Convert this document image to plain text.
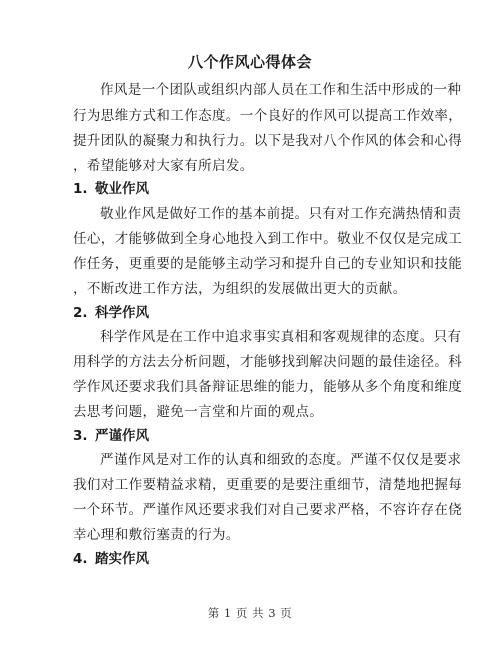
八个作风心得体会
作风是一个团队或组织内部人员在工作和生活中形成的一种
行为思维方式和工作态度。一个良好的作风可以提高工作效率，
提升团队的凝聚力和执行力。以下是我对八个作风的体会和心得
，希望能够对大家有所启发。
1. 敬业作风
敬业作风是做好工作的基本前提。只有对工作充满热情和责
任心，才能够做到全身心地投入到工作中。敬业不仅仅是完成工
作任务，更重要的是能够主动学习和提升自己的专业知识和技能
，不断改进工作方法，为组织的发展做出更大的贡献。
2. 科学作风
科学作风是在工作中追求事实真相和客观规律的态度。只有
用科学的方法去分析问题，才能够找到解决问题的最佳途径。科
学作风还要求我们具备辩证思维的能力，能够从多个角度和维度
去思考问题，避免一言堂和片面的观点。
3. 严谨作风
严谨作风是对工作的认真和细致的态度。严谨不仅仅是要求
我们对工作要精益求精，更重要的是要注重细节，清楚地把握每
一个环节。严谨作风还要求我们对自己要求严格，不容许存在侥
幸心理和敷衍塞责的行为。
4. 踏实作风
第 1 页 共 3 页
